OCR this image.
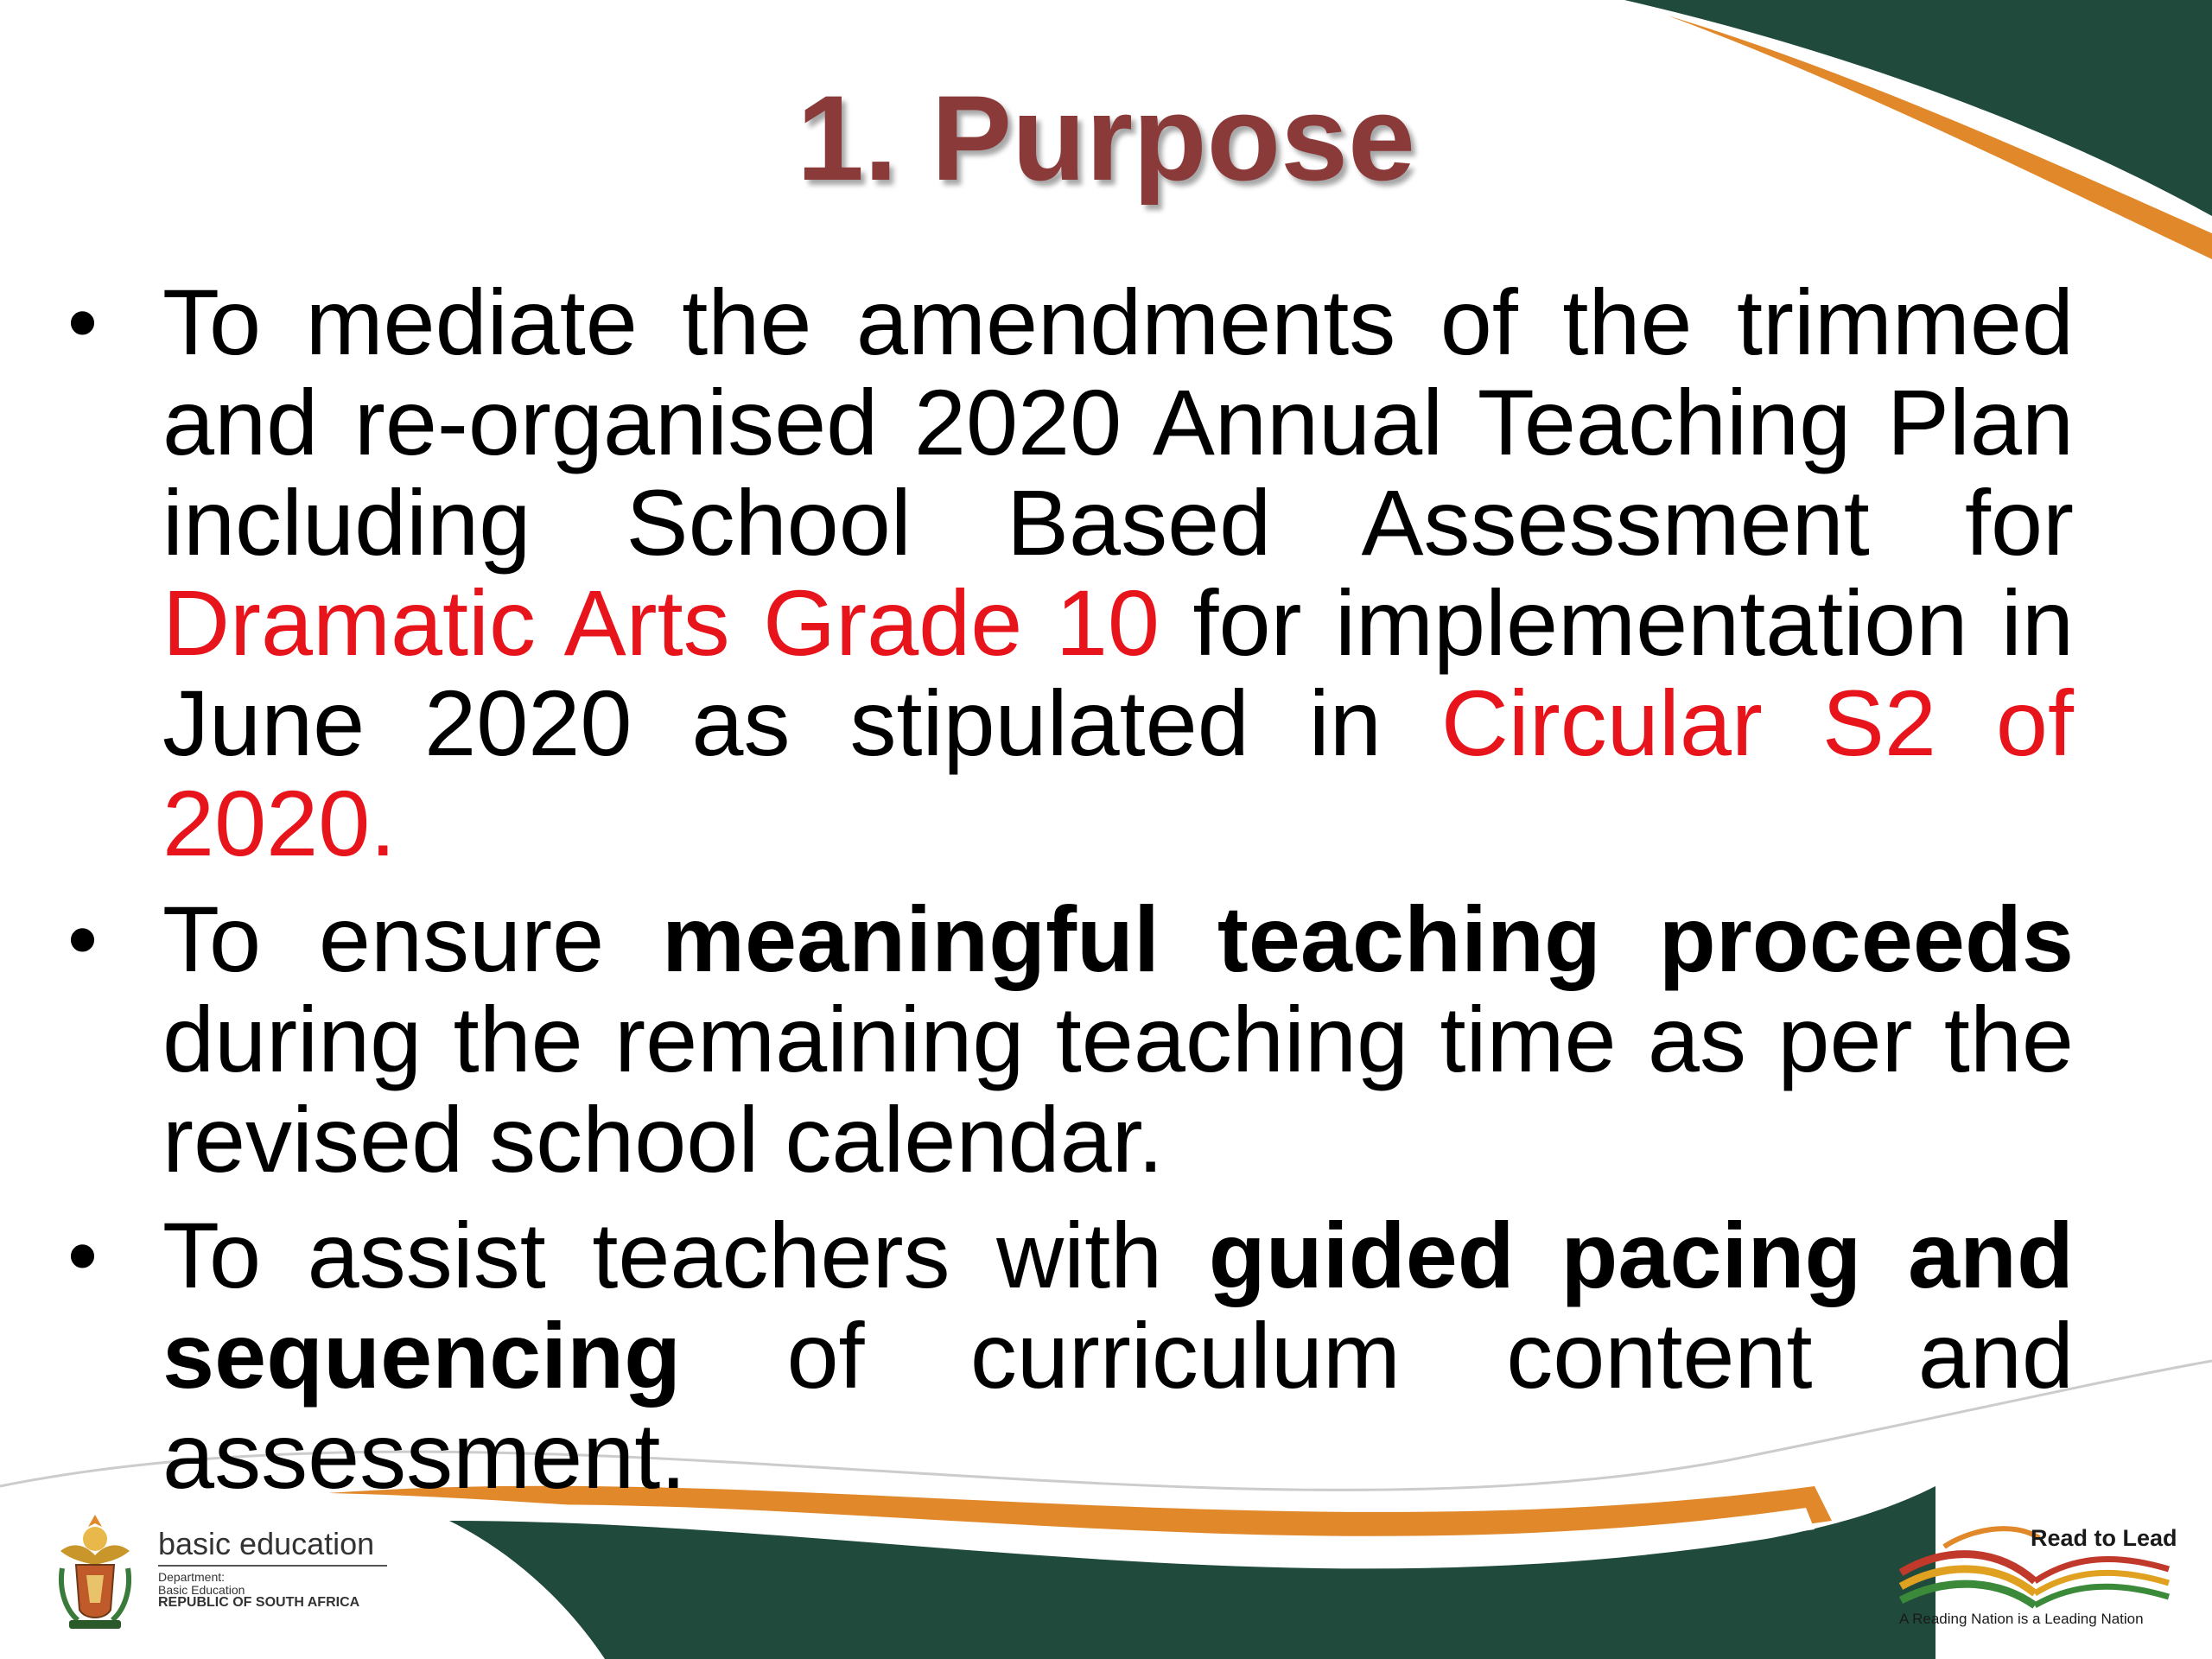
1. Purpose
• To mediate the amendments of the trimmed and re-organised 2020 Annual Teaching Plan including School Based Assessment for Dramatic Arts Grade 10 for implementation in June 2020 as stipulated in Circular S2 of 2020.
• To ensure meaningful teaching proceeds during the remaining teaching time as per the revised school calendar.
• To assist teachers with guided pacing and sequencing of curriculum content and assessment.
basic education
Department:
Basic Education
REPUBLIC OF SOUTH AFRICA
Read to Lead
A Reading Nation is a Leading Nation
